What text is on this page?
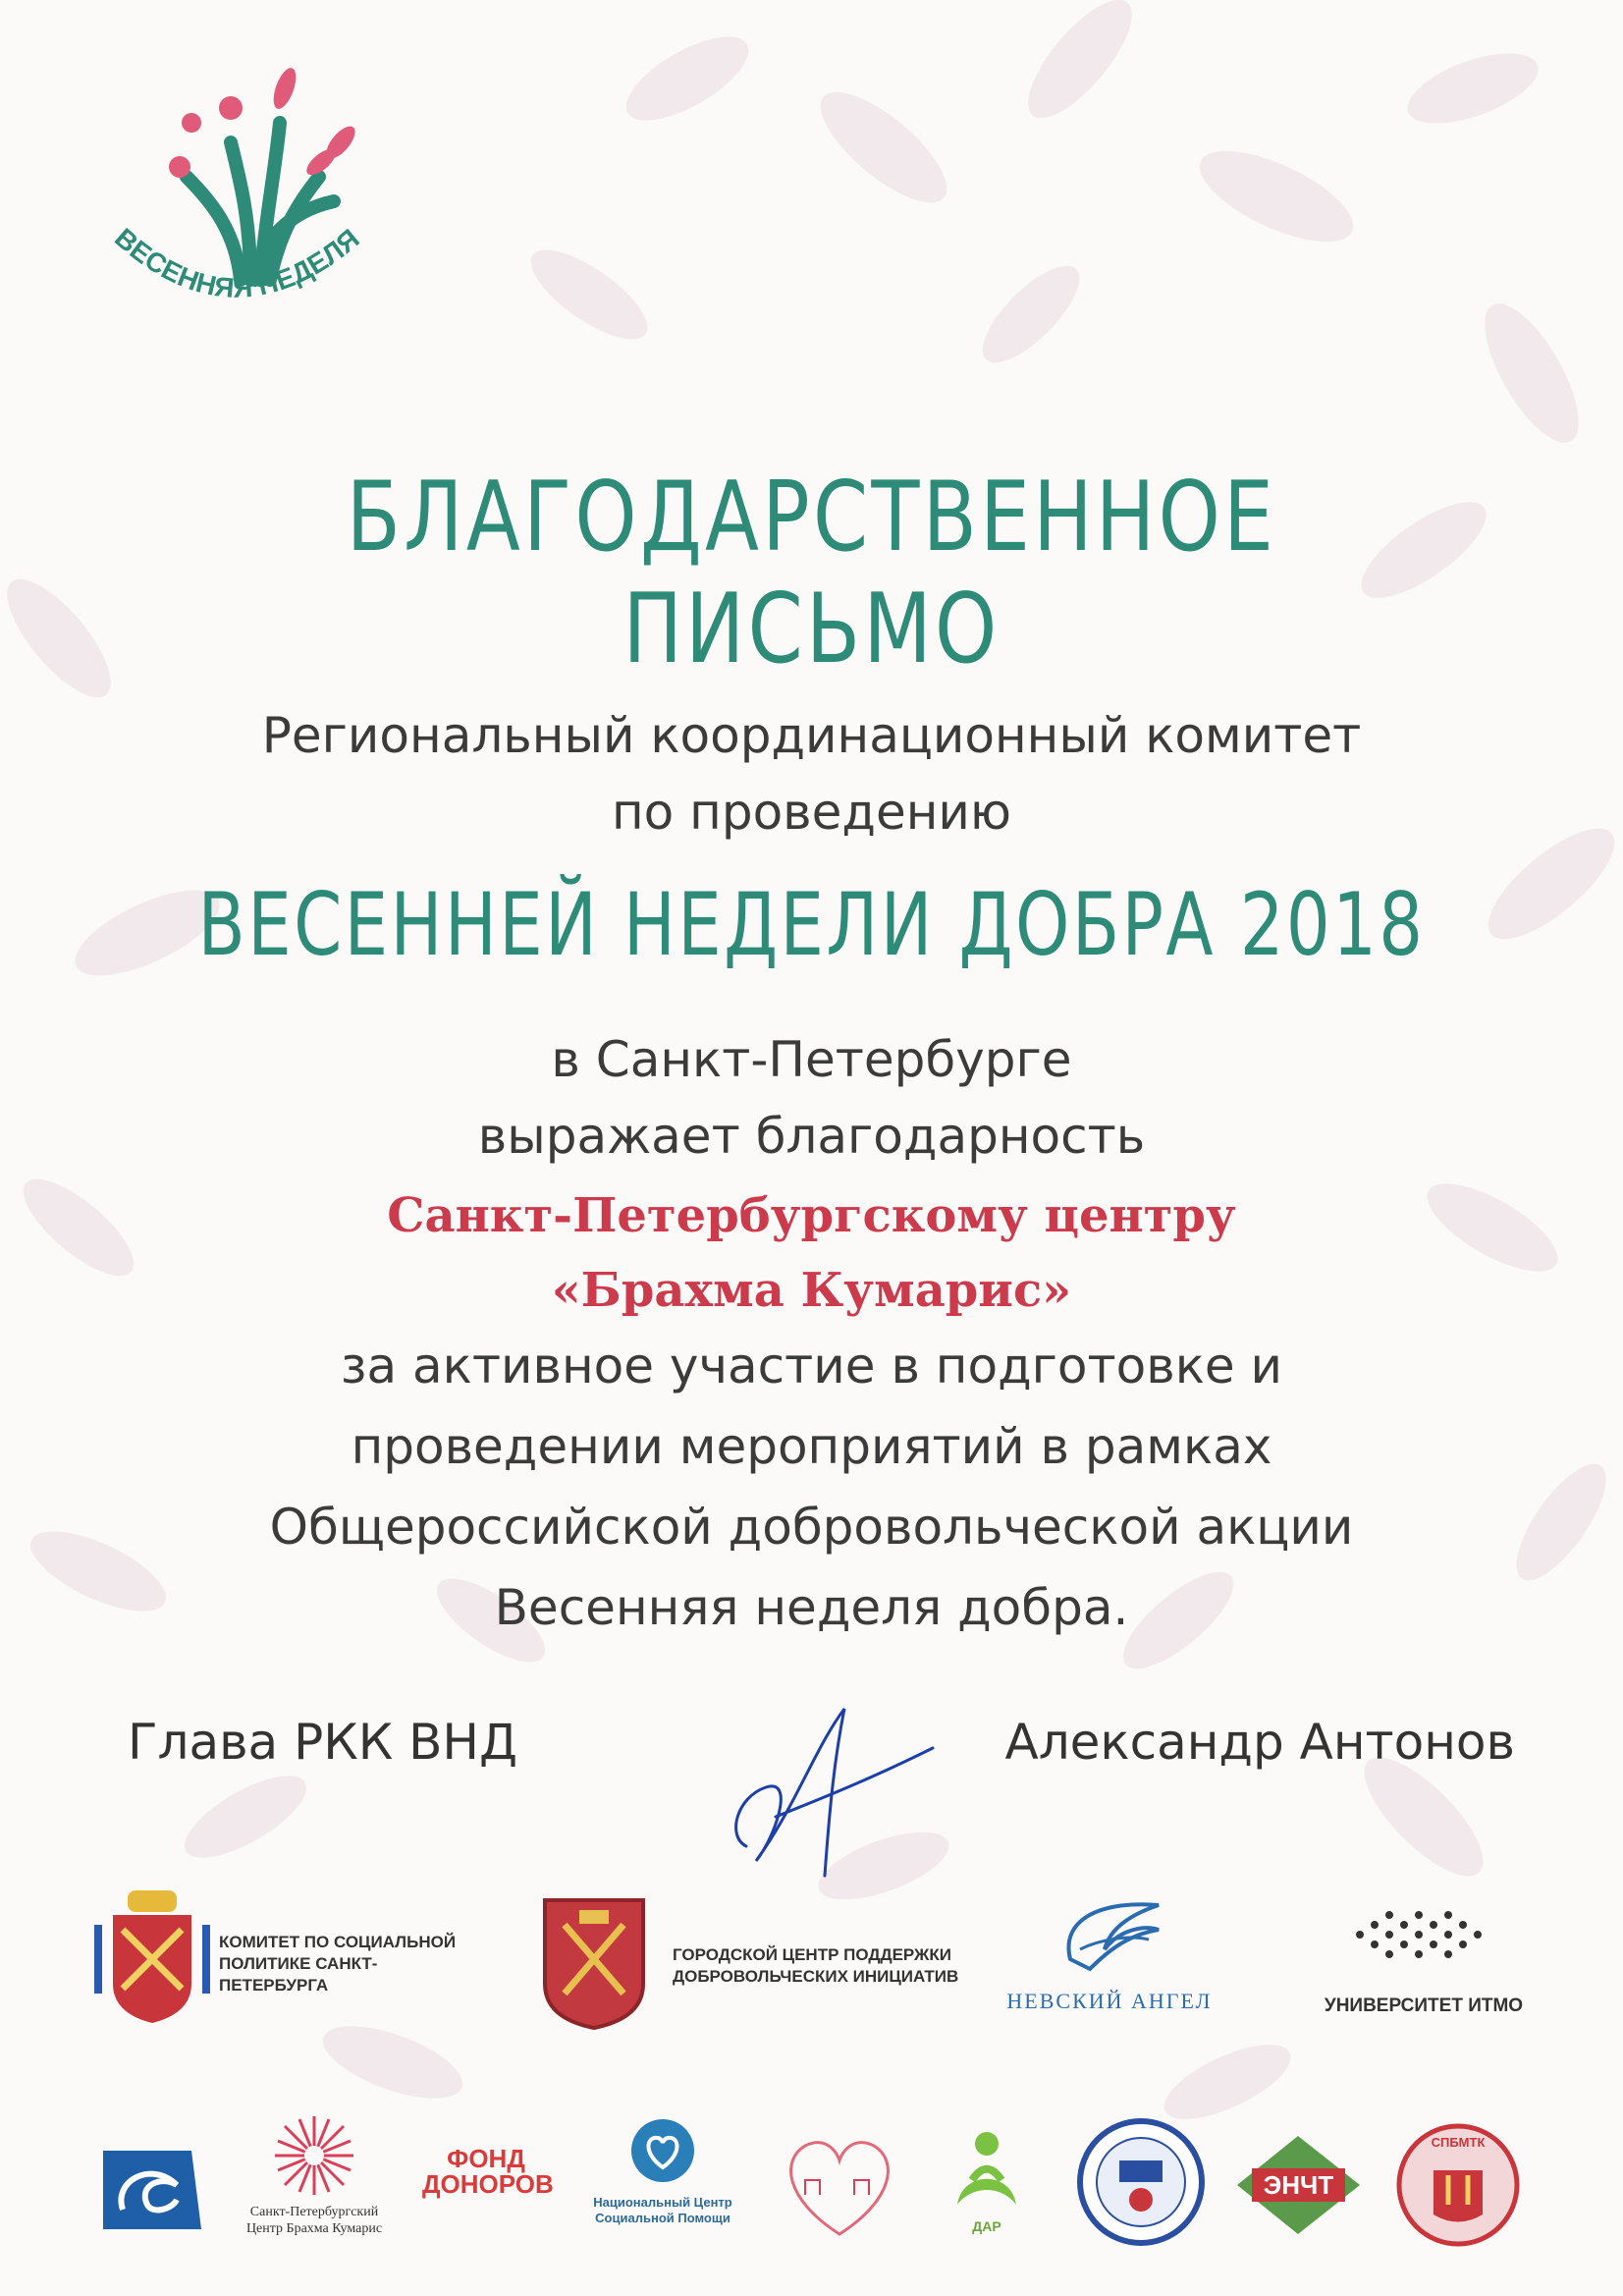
ВЕСЕННЯЯ НЕДЕЛЯ
БЛАГОДАРСТВЕННОЕ ПИСЬМО
Региональный координационный комитет
по проведению
ВЕСЕННЕЙ НЕДЕЛИ ДОБРА 2018
в Санкт-Петербурге
выражает благодарность
Санкт-Петербургскому центру
«Брахма Кумарис»
за активное участие в подготовке и
проведении мероприятий в рамках
Общероссийской добровольческой акции
Весенняя неделя добра.
Глава РКК ВНД	Александр Антонов
КОМИТЕТ ПО СОЦИАЛЬНОЙ
ПОЛИТИКЕ САНКТ-ПЕТЕРБУРГА
ГОРОДСКОЙ ЦЕНТР ПОДДЕРЖКИ
ДОБРОВОЛЬЧЕСКИХ ИНИЦИАТИВ
НЕВСКИЙ АНГЕЛ	УНИВЕРСИТЕТ ИТМО
Санкт-Петербургский
Центр Брахма Кумарис
ФОНД
ДОНОРОВ
Национальный Центр
Социальной Помощи
ДАР
ЭНЧТ
СПБМТК
